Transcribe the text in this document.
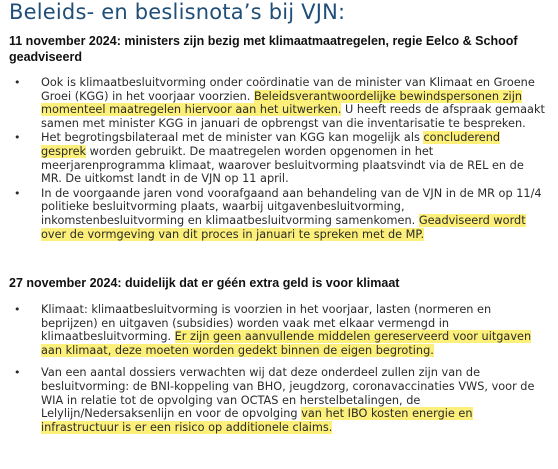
Beleids- en beslisnota’s bij VJN:
11 november 2024: ministers zijn bezig met klimaatmaatregelen, regie Eelco & Schoof geadviseerd
• Ook is klimaatbesluitvorming onder coördinatie van de minister van Klimaat en Groene Groei (KGG) in het voorjaar voorzien. Beleidsverantwoordelijke bewindspersonen zijn momenteel maatregelen hiervoor aan het uitwerken. U heeft reeds de afspraak gemaakt samen met minister KGG in januari de opbrengst van die inventarisatie te bespreken.
• Het begrotingsbilateraal met de minister van KGG kan mogelijk als concluderend gesprek worden gebruikt. De maatregelen worden opgenomen in het meerjarenprogramma klimaat, waarover besluitvorming plaatsvindt via de REL en de MR. De uitkomst landt in de VJN op 11 april.
• In de voorgaande jaren vond voorafgaand aan behandeling van de VJN in de MR op 11/4 politieke besluitvorming plaats, waarbij uitgavenbesluitvorming, inkomstenbesluitvorming en klimaatbesluitvorming samenkomen. Geadviseerd wordt over de vormgeving van dit proces in januari te spreken met de MP.
27 november 2024: duidelijk dat er géén extra geld is voor klimaat
• Klimaat: klimaatbesluitvorming is voorzien in het voorjaar, lasten (normeren en beprijzen) en uitgaven (subsidies) worden vaak met elkaar vermengd in klimaatbesluitvorming. Er zijn geen aanvullende middelen gereserveerd voor uitgaven aan klimaat, deze moeten worden gedekt binnen de eigen begroting.
• Van een aantal dossiers verwachten wij dat deze onderdeel zullen zijn van de besluitvorming: de BNI-koppeling van BHO, jeugdzorg, coronavaccinaties VWS, voor de WIA in relatie tot de opvolging van OCTAS en herstelbetalingen, de Lelylijn/Nedersaksenlijn en voor de opvolging van het IBO kosten energie en infrastructuur is er een risico op additionele claims.
